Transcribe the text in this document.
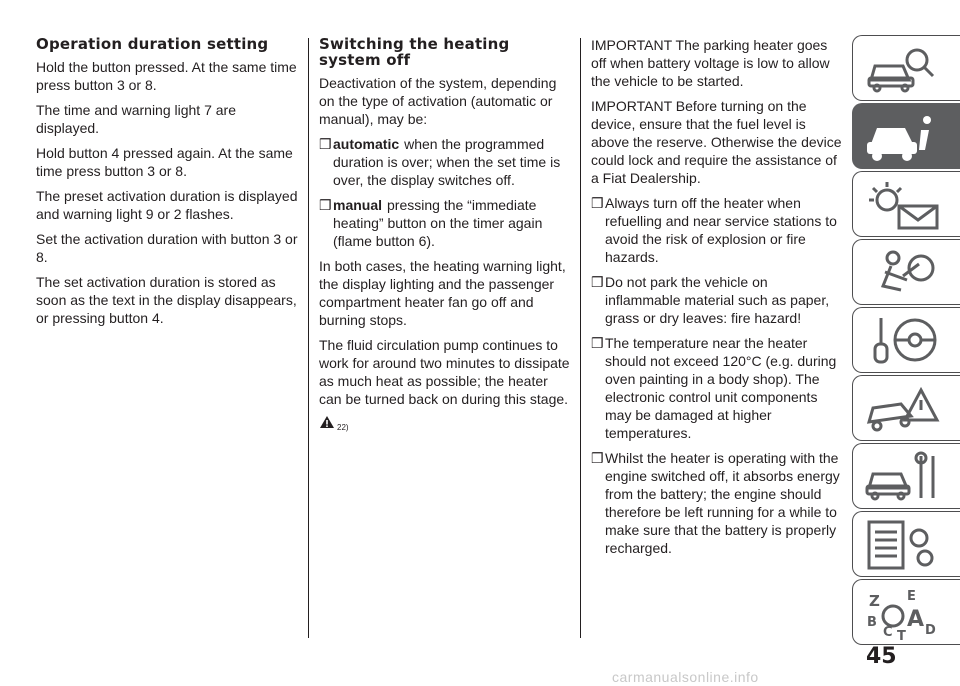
Operation duration setting

Hold the button pressed. At the same time press button 3 or 8.

The time and warning light 7 are displayed.

Hold button 4 pressed again. At the same time press button 3 or 8.

The preset activation duration is displayed and warning light 9 or 2 flashes.

Set the activation duration with button 3 or 8.

The set activation duration is stored as soon as the text in the display disappears, or pressing button 4.

Switching the heating system off

Deactivation of the system, depending on the type of activation (automatic or manual), may be:

❒ automatic when the programmed duration is over; when the set time is over, the display switches off.
❒ manual pressing the “immediate heating” button on the timer again (flame button 6).

In both cases, the heating warning light, the display lighting and the passenger compartment heater fan go off and burning stops.

The fluid circulation pump continues to work for around two minutes to dissipate as much heat as possible; the heater can be turned back on during this stage.

22)

IMPORTANT The parking heater goes off when battery voltage is low to allow the vehicle to be started.

IMPORTANT Before turning on the device, ensure that the fuel level is above the reserve. Otherwise the device could lock and require the assistance of a Fiat Dealership.

❒ Always turn off the heater when refuelling and near service stations to avoid the risk of explosion or fire hazards.
❒ Do not park the vehicle on inflammable material such as paper, grass or dry leaves: fire hazard!
❒ The temperature near the heater should not exceed 120°C (e.g. during oven painting in a body shop). The electronic control unit components may be damaged at higher temperatures.
❒ Whilst the heater is operating with the engine switched off, it absorbs energy from the battery; the engine should therefore be left running for a while to make sure that the battery is properly recharged.
Z E
B A
C T D
45
carmanualsonline.info
